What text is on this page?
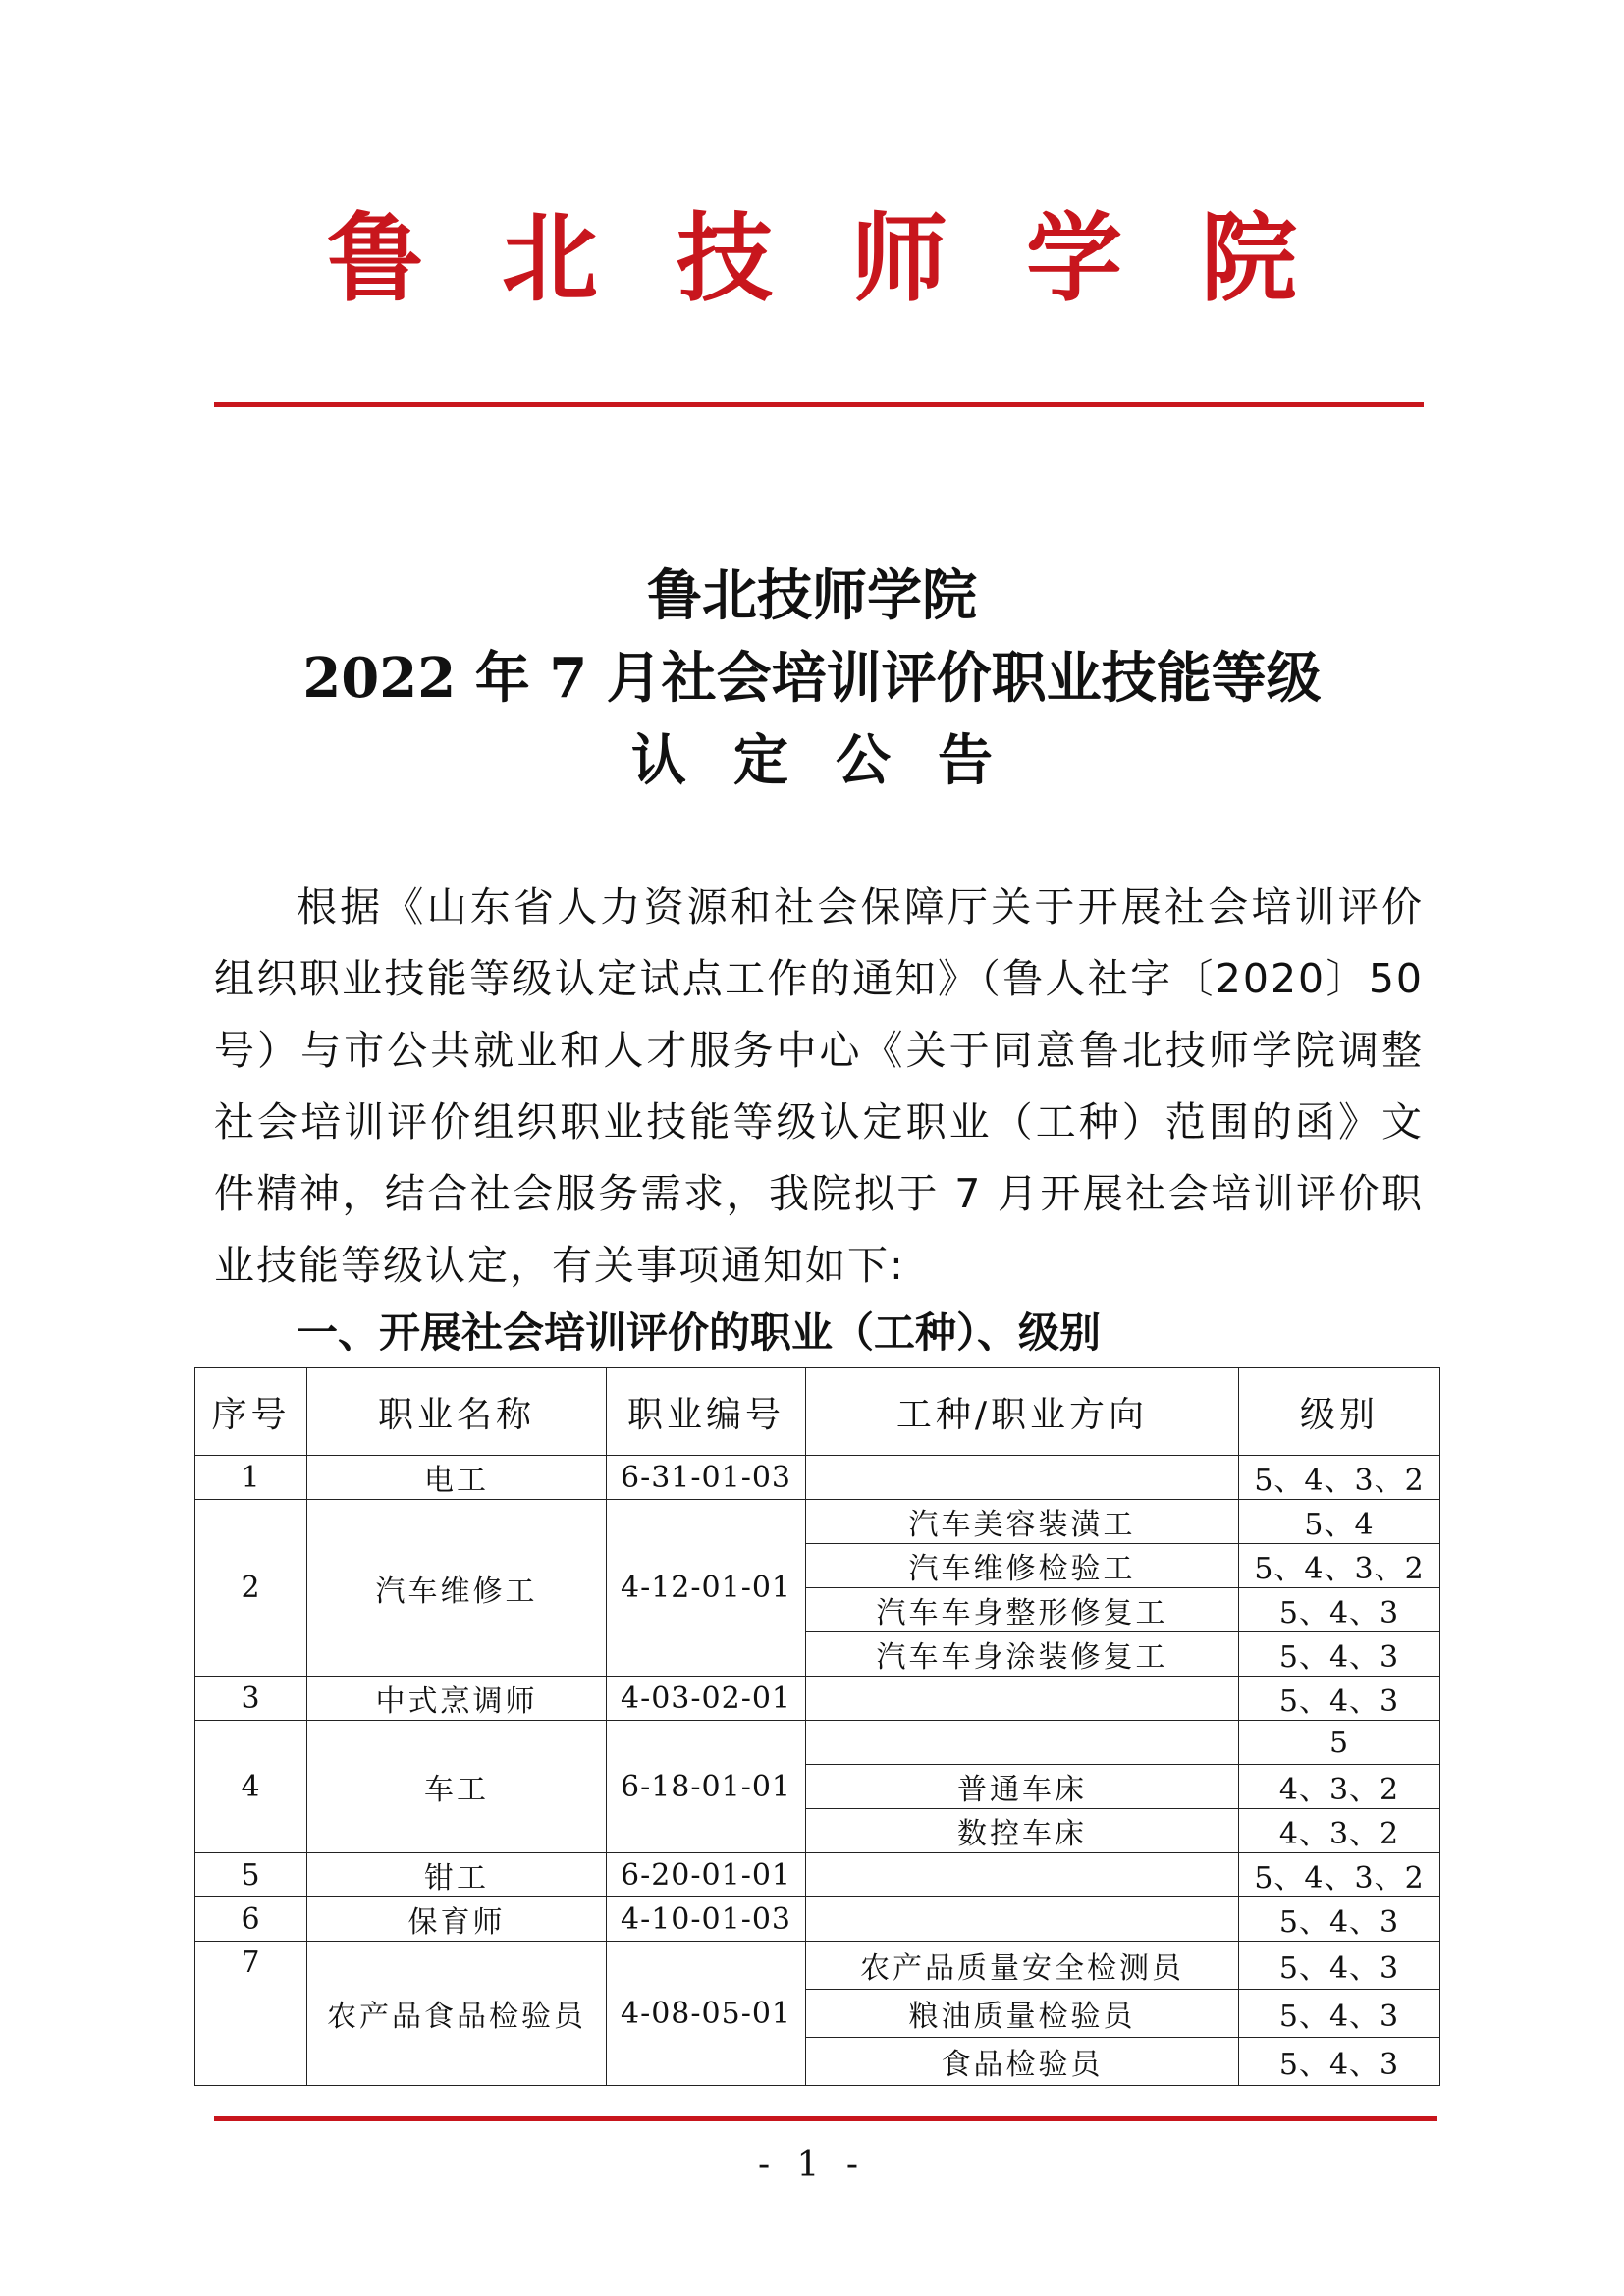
鲁北技师学院
鲁北技师学院
2022 年 7 月社会培训评价职业技能等级
认定公告
根据《山东省人力资源和社会保障厅关于开展社会培训评价组织职业技能等级认定试点工作的通知》（鲁人社字〔2020〕50号）与市公共就业和人才服务中心《关于同意鲁北技师学院调整社会培训评价组织职业技能等级认定职业（工种）范围的函》文件精神，结合社会服务需求，我院拟于 7 月开展社会培训评价职业技能等级认定，有关事项通知如下:
一、开展社会培训评价的职业（工种）、级别
序号	职业名称	职业编号	工种/职业方向	级别
1	电工	6-31-01-03		5、4、3、2
2	汽车维修工	4-12-01-01	汽车美容装潢工	5、4
			汽车维修检验工	5、4、3、2
			汽车车身整形修复工	5、4、3
			汽车车身涂装修复工	5、4、3
3	中式烹调师	4-03-02-01		5、4、3
4	车工	6-18-01-01		5
			普通车床	4、3、2
			数控车床	4、3、2
5	钳工	6-20-01-01		5、4、3、2
6	保育师	4-10-01-03		5、4、3
7	农产品食品检验员	4-08-05-01	农产品质量安全检测员	5、4、3
			粮油质量检验员	5、4、3
			食品检验员	5、4、3
- 1 -
